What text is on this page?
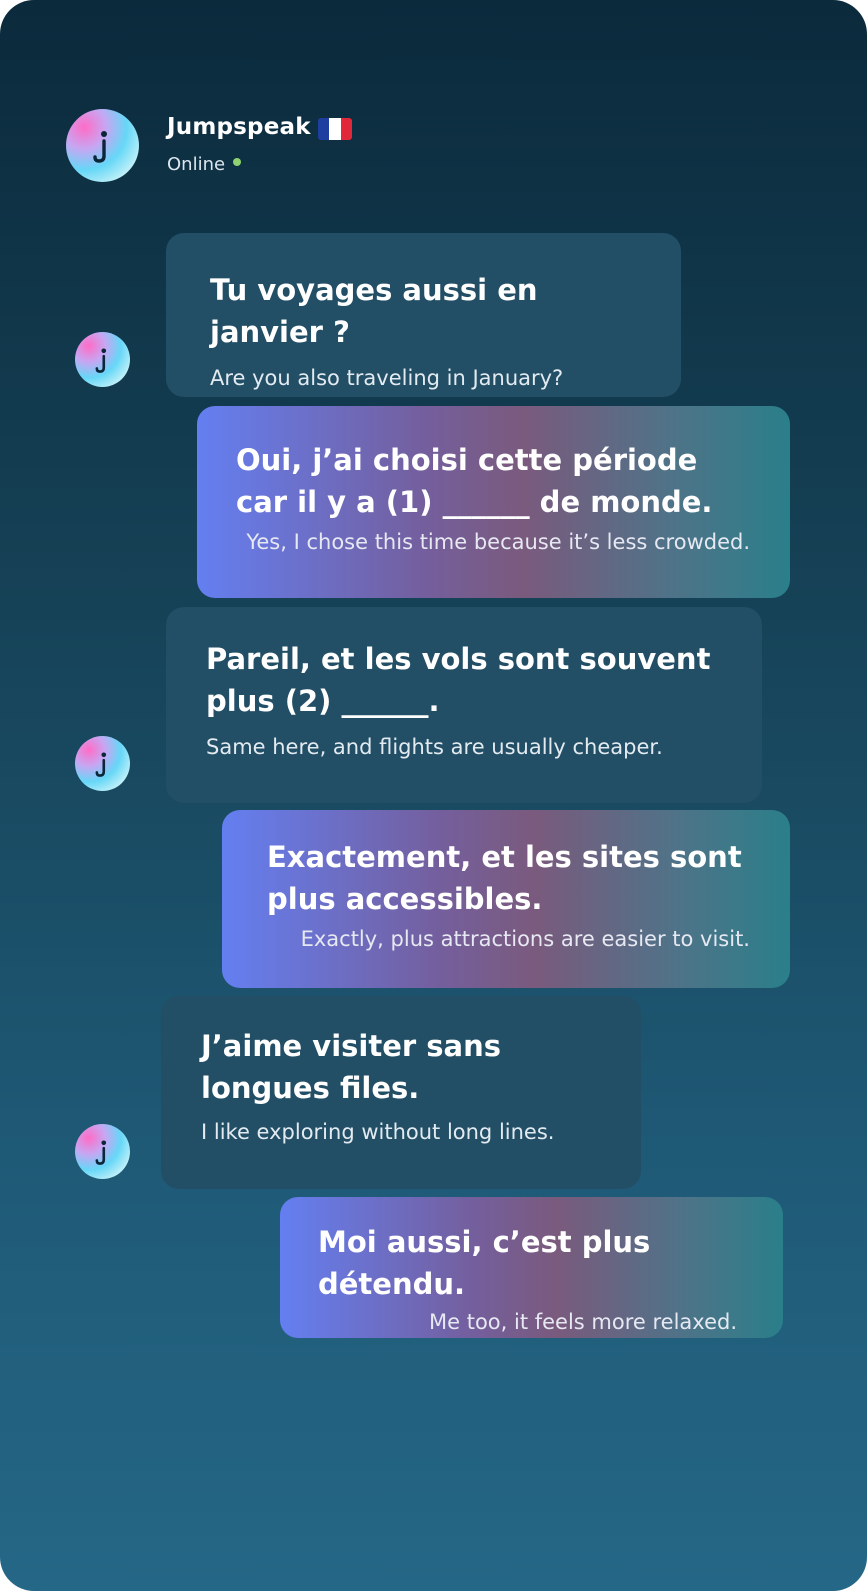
Jumpspeak
Online
Tu voyages aussi en janvier ?
Are you also traveling in January?
Oui, j’ai choisi cette période car il y a (1) ______ de monde.
Yes, I chose this time because it’s less crowded.
Pareil, et les vols sont souvent plus (2) ______.
Same here, and flights are usually cheaper.
Exactement, et les sites sont plus accessibles.
Exactly, plus attractions are easier to visit.
J’aime visiter sans longues files.
I like exploring without long lines.
Moi aussi, c’est plus détendu.
Me too, it feels more relaxed.
